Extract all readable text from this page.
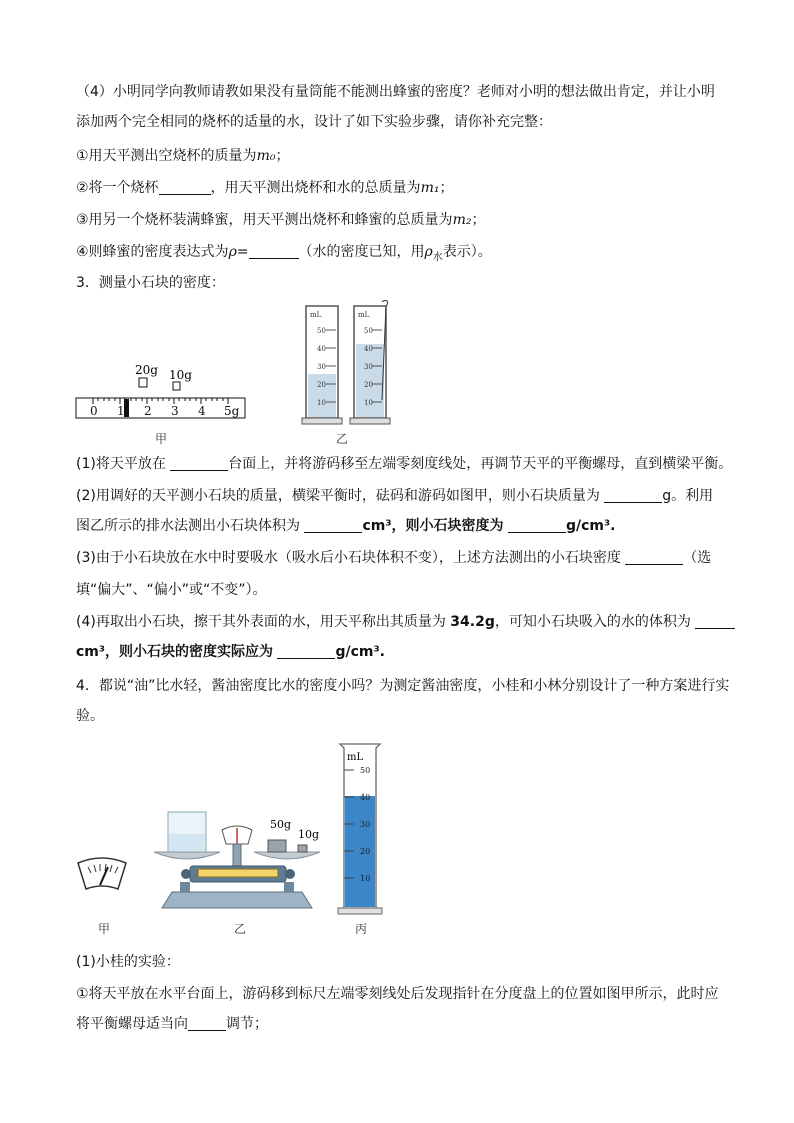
（4）小明同学向教师请教如果没有量筒能不能测出蜂蜜的密度？老师对小明的想法做出肯定，并让小明
添加两个完全相同的烧杯的适量的水，设计了如下实验步骤，请你补充完整：
①用天平测出空烧杯的质量为m₀；
②将一个烧杯	，用天平测出烧杯和水的总质量为m₁；
③用另一个烧杯装满蜂蜜，用天平测出烧杯和蜂蜜的总质量为m₂；
④则蜂蜜的密度表达式为ρ=	（水的密度已知，用$\rho_水$表示）。
3．测量小石块的密度：
20g 10g
0 1 2 3 4 5g
甲
mL
50
40
30
20
10
mL
50
40
30
20
10
乙
(1)将天平放在	台面上，并将游码移至左端零刻度线处，再调节天平的平衡螺母，直到横梁平衡。
(2)用调好的天平测小石块的质量，横梁平衡时，砝码和游码如图甲，则小石块质量为	g。利用
图乙所示的排水法测出小石块体积为	cm³，则小石块密度为	g/cm³.
(3)由于小石块放在水中时要吸水（吸水后小石块体积不变），上述方法测出的小石块密度	（选
填“偏大”、“偏小”或“不变”）。
(4)再取出小石块，擦干其外表面的水，用天平称出其质量为 34.2g，可知小石块吸入的水的体积为
cm³，则小石块的密度实际应为	g/cm³.
4．都说“油”比水轻，酱油密度比水的密度小吗？为测定酱油密度，小桂和小林分别设计了一种方案进行实
验。
甲
50g
10g
乙
mL
50
40
30
20
10
丙
(1)小桂的实验：
①将天平放在水平台面上，游码移到标尺左端零刻线处后发现指针在分度盘上的位置如图甲所示，此时应
将平衡螺母适当向	调节；
